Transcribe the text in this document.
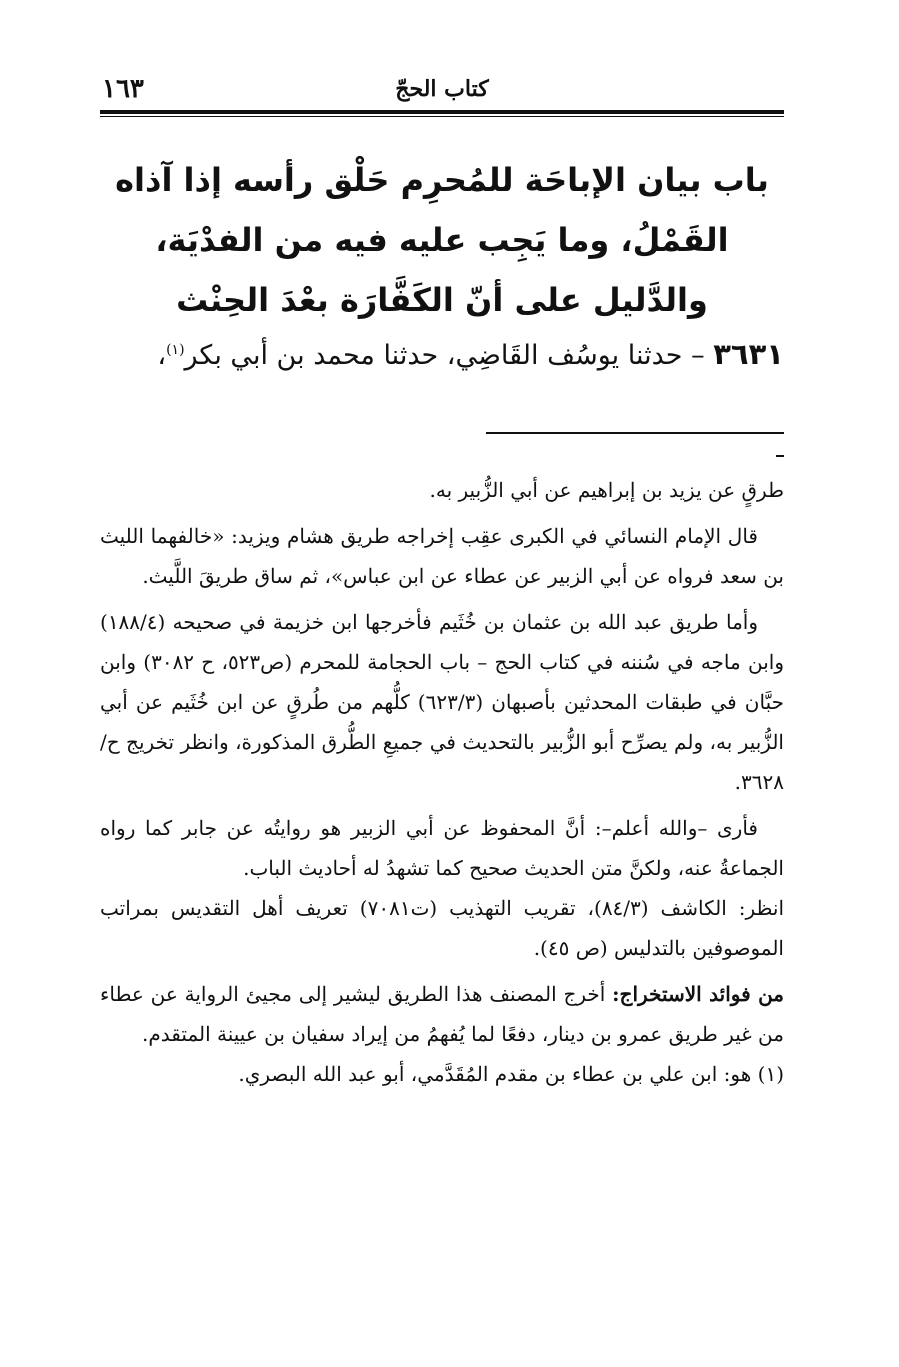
كتاب الحجّ
١٦٣
باب بيان الإباحَة للمُحرِم حَلْق رأسه إذا آذاه القَمْلُ، وما يَجِب عليه فيه من الفدْيَة، والدَّليل على أنّ الكَفَّارَة بعْدَ الحِنْث
٣٦٣١ – حدثنا يوسُف القَاضِي، حدثنا محمد بن أبي بكر$^{(١)}$،

طرقٍ عن يزيد بن إبراهيم عن أبي الزُّبير به.

قال الإمام النسائي في الكبرى عقِب إخراجه طريق هشام ويزيد: «خالفهما الليث بن سعد فرواه عن أبي الزبير عن عطاء عن ابن عباس»، ثم ساق طريقَ اللَّيث.

وأما طريق عبد الله بن عثمان بن خُثَيم فأخرجها ابن خزيمة في صحيحه (١٨٨/٤) وابن ماجه في سُننه في كتاب الحج – باب الحجامة للمحرم (ص٥٢٣، ح ٣٠٨٢) وابن حبَّان في طبقات المحدثين بأصبهان (٦٢٣/٣) كلُّهم من طُرقٍ عن ابن خُثَيم عن أبي الزُّبير به، ولم يصرِّح أبو الزُّبير بالتحديث في جميعِ الطُّرق المذكورة، وانظر تخريج ح/٣٦٢٨.

فأرى –والله أعلم–: أنَّ المحفوظ عن أبي الزبير هو روايتُه عن جابر كما رواه الجماعةُ عنه، ولكنَّ متن الحديث صحيح كما تشهدُ له أحاديث الباب.

انظر: الكاشف (٨٤/٣)، تقريب التهذيب (ت٧٠٨١) تعريف أهل التقديس بمراتب الموصوفين بالتدليس (ص ٤٥).

من فوائد الاستخراج: أخرج المصنف هذا الطريق ليشير إلى مجيئ الرواية عن عطاء من غير طريق عمرو بن دينار، دفعًا لما يُفهمُ من إيراد سفيان بن عيينة المتقدم.

(١) هو: ابن علي بن عطاء بن مقدم المُقَدَّمي، أبو عبد الله البصري.
